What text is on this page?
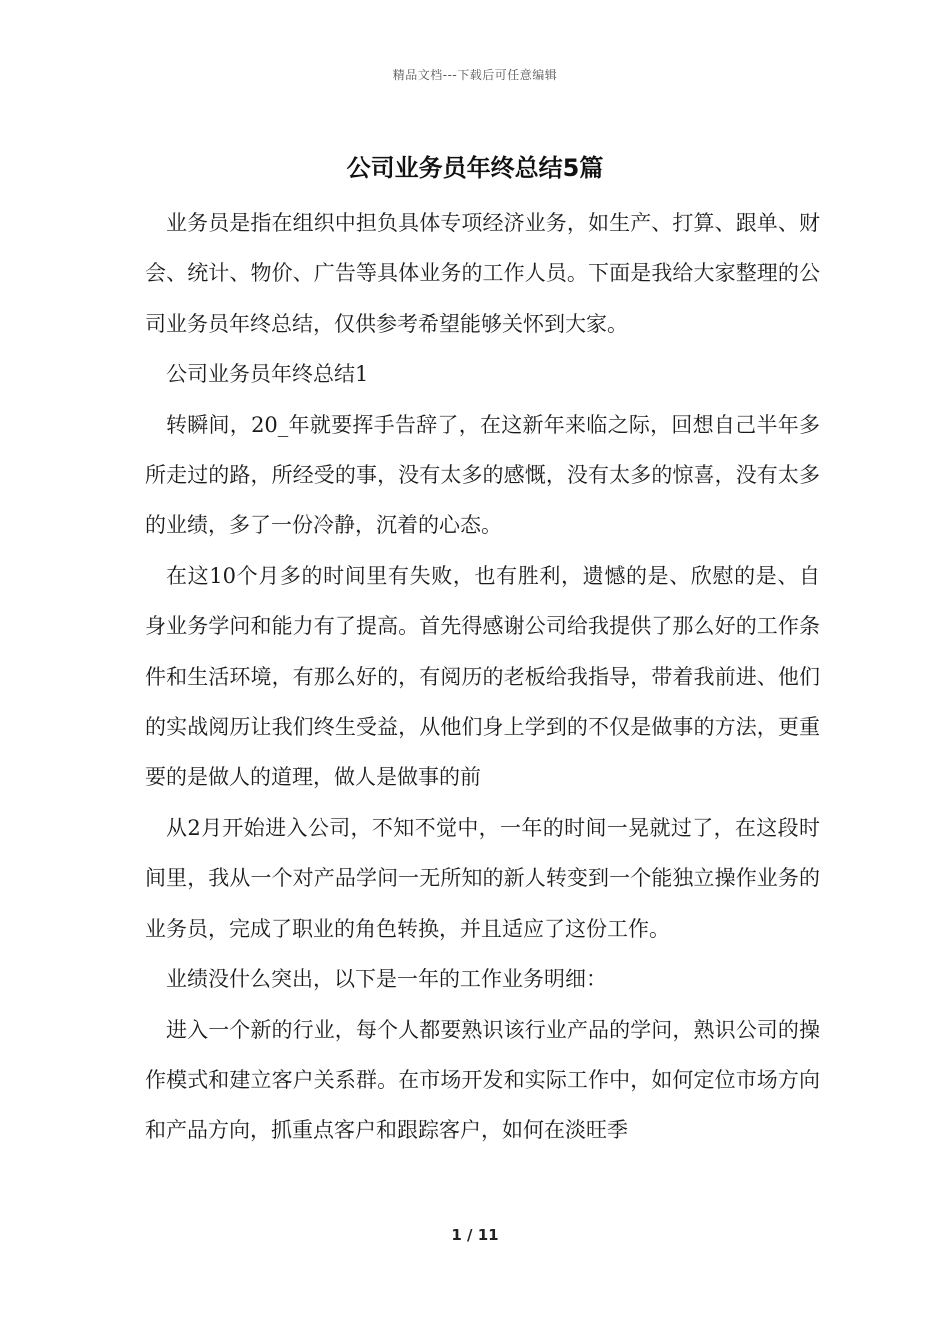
精品文档---下载后可任意编辑
公司业务员年终总结5篇

业务员是指在组织中担负具体专项经济业务，如生产、打算、跟单、财会、统计、物价、广告等具体业务的工作人员。下面是我给大家整理的公司业务员年终总结，仅供参考希望能够关怀到大家。

公司业务员年终总结1

转瞬间，20_年就要挥手告辞了，在这新年来临之际，回想自己半年多所走过的路，所经受的事，没有太多的感慨，没有太多的惊喜，没有太多的业绩，多了一份冷静，沉着的心态。

在这10个月多的时间里有失败，也有胜利，遗憾的是、欣慰的是、自身业务学问和能力有了提高。首先得感谢公司给我提供了那么好的工作条件和生活环境，有那么好的，有阅历的老板给我指导，带着我前进、他们的实战阅历让我们终生受益，从他们身上学到的不仅是做事的方法，更重要的是做人的道理，做人是做事的前

从2月开始进入公司，不知不觉中，一年的时间一晃就过了，在这段时间里，我从一个对产品学问一无所知的新人转变到一个能独立操作业务的业务员，完成了职业的角色转换，并且适应了这份工作。

业绩没什么突出，以下是一年的工作业务明细：

进入一个新的行业，每个人都要熟识该行业产品的学问，熟识公司的操作模式和建立客户关系群。在市场开发和实际工作中，如何定位市场方向和产品方向，抓重点客户和跟踪客户，如何在淡旺季

1 / 11
